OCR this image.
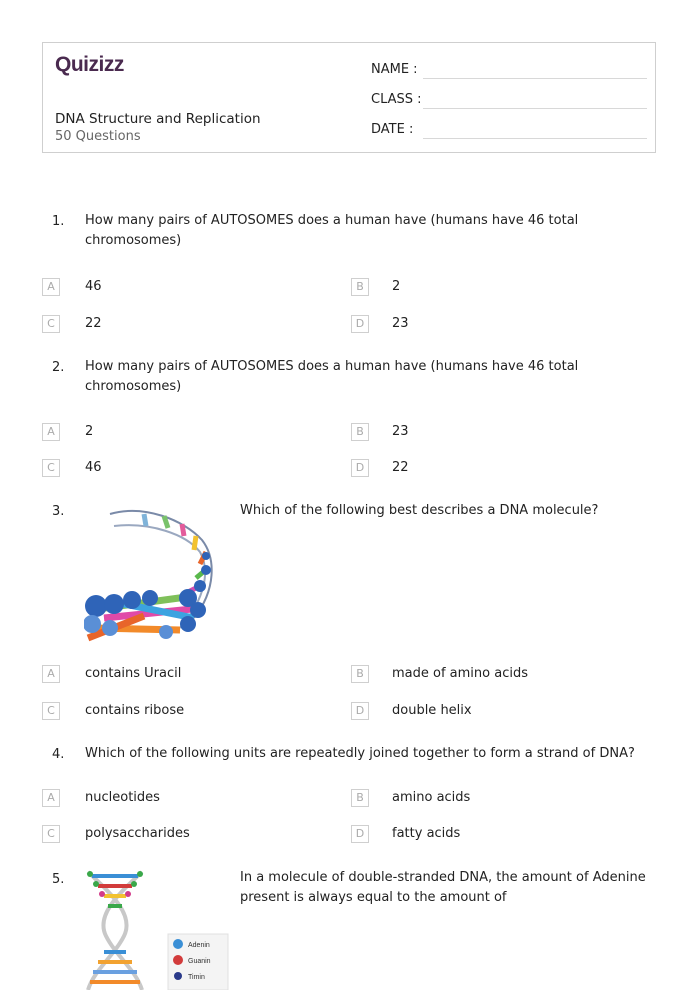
Quizizz
DNA Structure and Replication
50 Questions
NAME :
CLASS :
DATE :
1. How many pairs of AUTOSOMES does a human have (humans have 46 total
chromosomes)
A	46	B	2
C	22	D	23
2. How many pairs of AUTOSOMES does a human have (humans have 46 total
chromosomes)
A	2	B	23
C	46	D	22
3.	Which of the following best describes a DNA molecule?
A	contains Uracil	B	made of amino acids
C	contains ribose	D	double helix
4. Which of the following units are repeatedly joined together to form a strand of DNA?
A	nucleotides	B	amino acids
C	polysaccharides	D	fatty acids
5.
Adenin
Guanin
Timin
In a molecule of double-stranded DNA, the amount of Adenine
present is always equal to the amount of
